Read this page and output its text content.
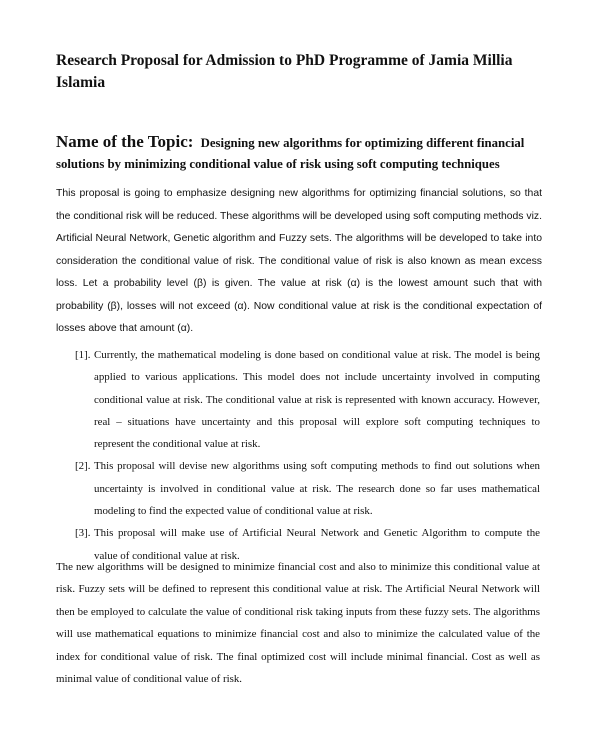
Research Proposal for Admission to PhD Programme of Jamia Millia Islamia
Name of the Topic: Designing new algorithms for optimizing different financial solutions by minimizing conditional value of risk using soft computing techniques

This proposal is going to emphasize designing new algorithms for optimizing financial solutions, so that the conditional risk will be reduced. These algorithms will be developed using soft computing methods viz. Artificial Neural Network, Genetic algorithm and Fuzzy sets. The algorithms will be developed to take into consideration the conditional value of risk. The conditional value of risk is also known as mean excess loss. Let a probability level (β) is given. The value at risk (α) is the lowest amount such that with probability (β), losses will not exceed (α). Now conditional value at risk is the conditional expectation of losses above that amount (α).

[1]. Currently, the mathematical modeling is done based on conditional value at risk. The model is being applied to various applications. This model does not include uncertainty involved in computing conditional value at risk. The conditional value at risk is represented with known accuracy. However, real – situations have uncertainty and this proposal will explore soft computing techniques to represent the conditional value at risk.
[2]. This proposal will devise new algorithms using soft computing methods to find out solutions when uncertainty is involved in conditional value at risk. The research done so far uses mathematical modeling to find the expected value of conditional value at risk.
[3]. This proposal will make use of Artificial Neural Network and Genetic Algorithm to compute the value of conditional value at risk.

The new algorithms will be designed to minimize financial cost and also to minimize this conditional value at risk. Fuzzy sets will be defined to represent this conditional value at risk. The Artificial Neural Network will then be employed to calculate the value of conditional risk taking inputs from these fuzzy sets. The algorithms will use mathematical equations to minimize financial cost and also to minimize the calculated value of the index for conditional value of risk. The final optimized cost will include minimal financial. Cost as well as minimal value of conditional value of risk.
